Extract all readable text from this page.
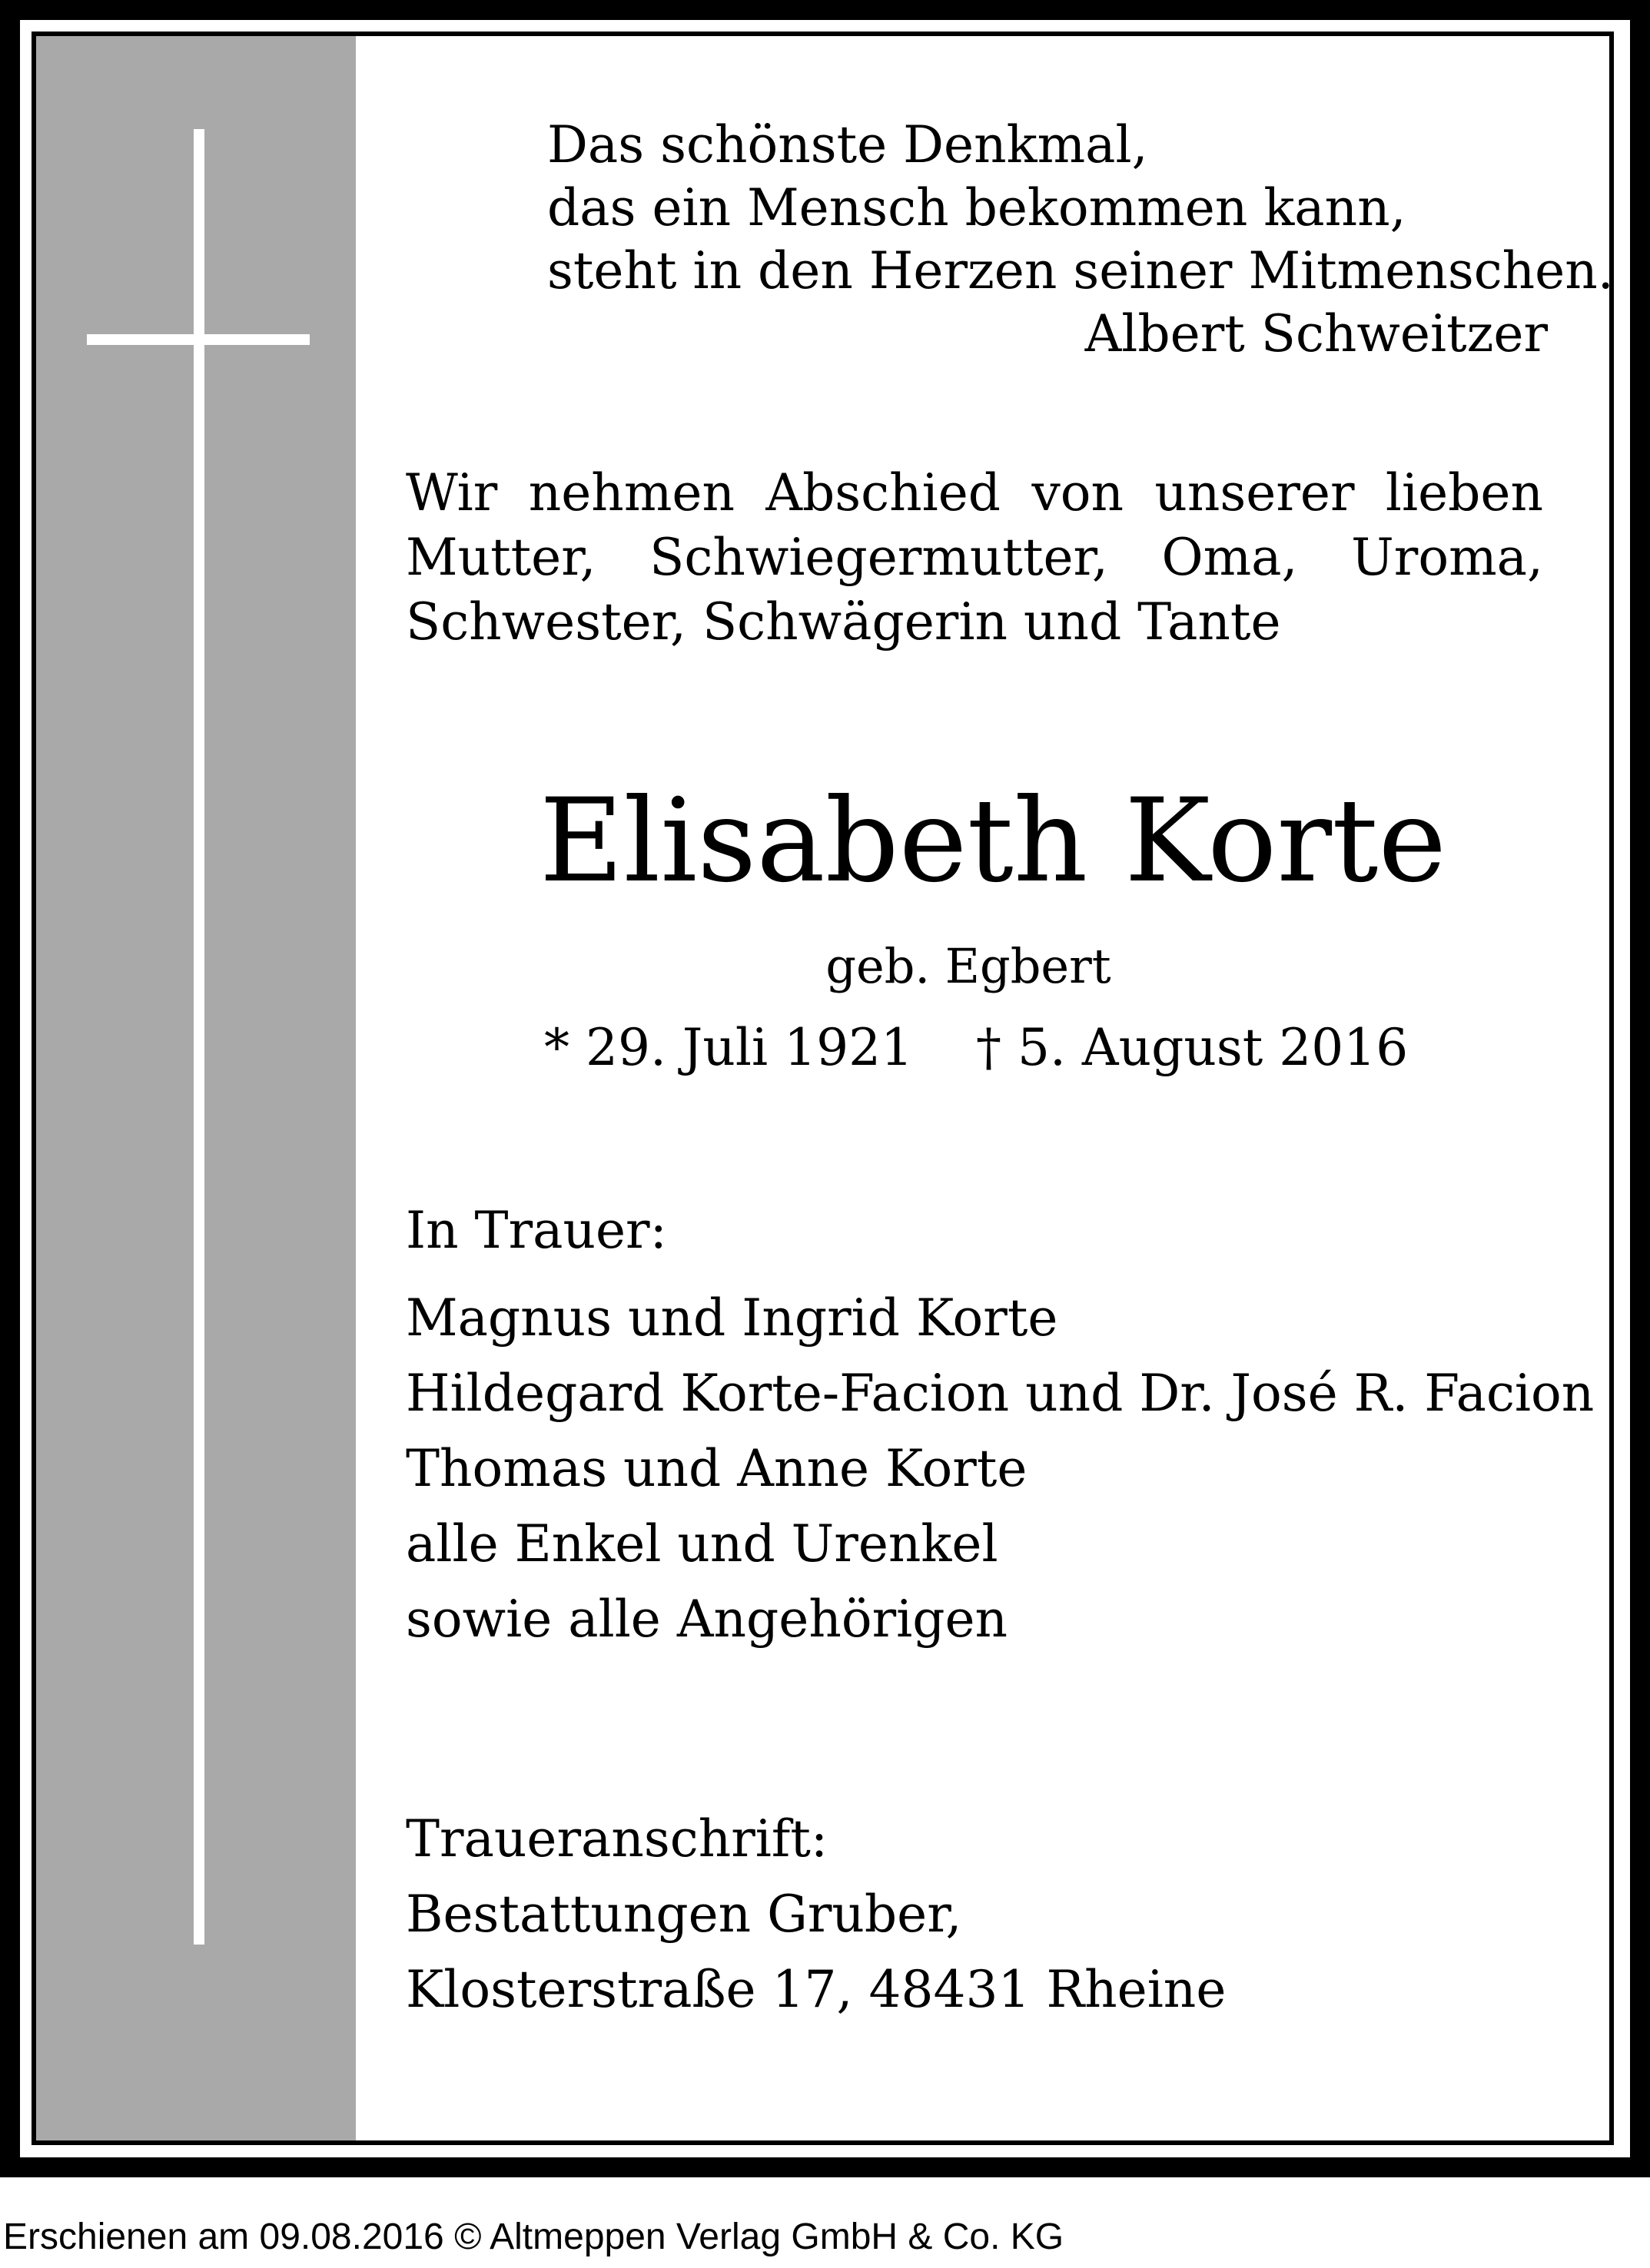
Das schönste Denkmal,

das ein Mensch bekommen kann,

steht in den Herzen seiner Mitmenschen.

Albert Schweitzer

Wir nehmen Abschied von unserer lieben
Mutter, Schwiegermutter, Oma, Uroma,
Schwester, Schwägerin und Tante

Elisabeth Korte

geb. Egbert

* 29. Juli 1921 † 5. August 2016

In Trauer:

Magnus und Ingrid Korte

Hildegard Korte-Facion und Dr. José R. Facion

Thomas und Anne Korte

alle Enkel und Urenkel

sowie alle Angehörigen

Traueranschrift:

Bestattungen Gruber,

Klosterstraße 17, 48431 Rheine

Erschienen am 09.08.2016 © Altmeppen Verlag GmbH & Co. KG
